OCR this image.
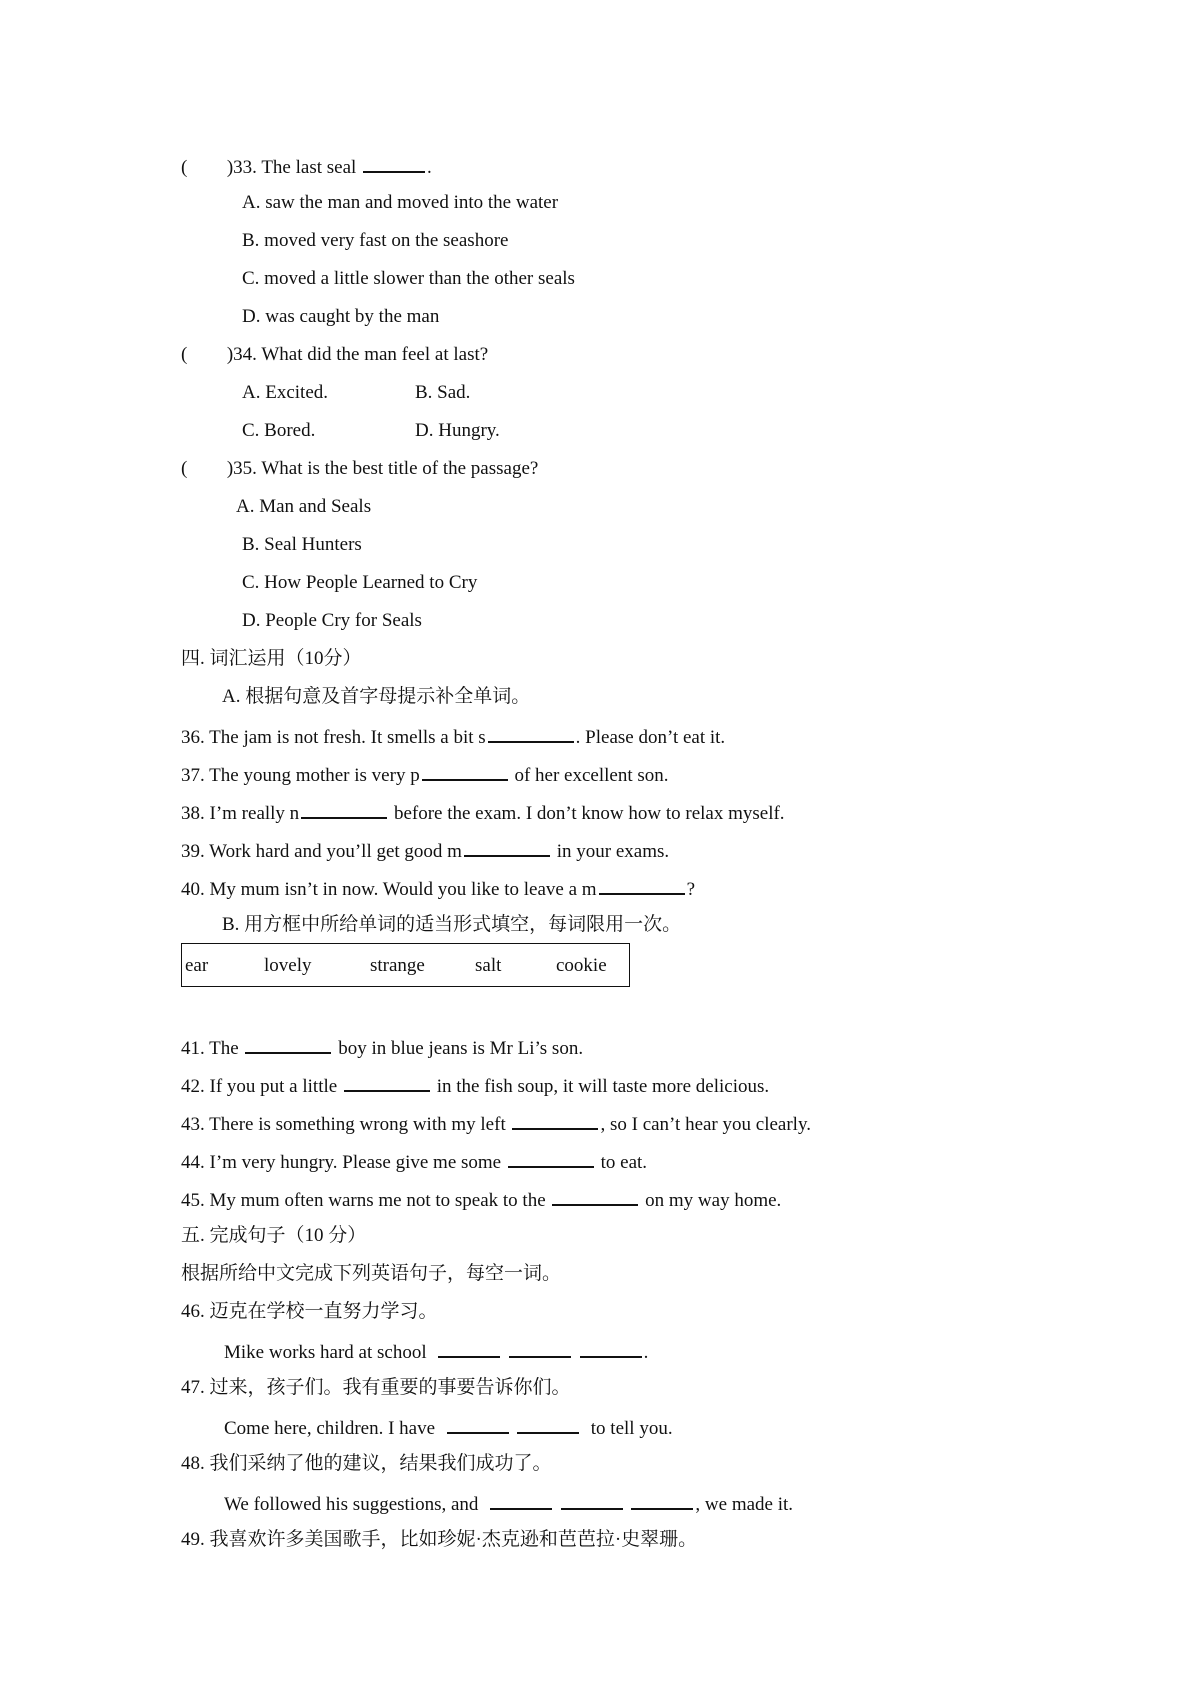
( )33. The last seal	.
A. saw the man and moved into the water
B. moved very fast on the seashore
C. moved a little slower than the other seals
D. was caught by the man
( )34. What did the man feel at last?
A. Excited.	B. Sad.
C. Bored.	D. Hungry.
( )35. What is the best title of the passage?
A. Man and Seals
B. Seal Hunters
C. How People Learned to Cry
D. People Cry for Seals
四. 词汇运用（10分）
A. 根据句意及首字母提示补全单词。
36. The jam is not fresh. It smells a bit s	. Please don’t eat it.
37. The young mother is very p	of her excellent son.
38. I’m really n	before the exam. I don’t know how to relax myself.
39. Work hard and you’ll get good m	in your exams.
40. My mum isn’t in now. Would you like to leave a m	?
B. 用方框中所给单词的适当形式填空，每词限用一次。
ear	lovely	strange	salt	cookie
41. The	boy in blue jeans is Mr Li’s son.
42. If you put a little	in the fish soup, it will taste more delicious.
43. There is something wrong with my left	, so I can’t hear you clearly.
44. I’m very hungry. Please give me some	to eat.
45. My mum often warns me not to speak to the	on my way home.
五. 完成句子（10 分）
根据所给中文完成下列英语句子，每空一词。
46. 迈克在学校一直努力学习。
Mike works hard at school	.
47. 过来，孩子们。我有重要的事要告诉你们。
Come here, children. I have	to tell you.
48. 我们采纳了他的建议，结果我们成功了。
We followed his suggestions, and	, we made it.
49. 我喜欢许多美国歌手，比如珍妮·杰克逊和芭芭拉·史翠珊。
